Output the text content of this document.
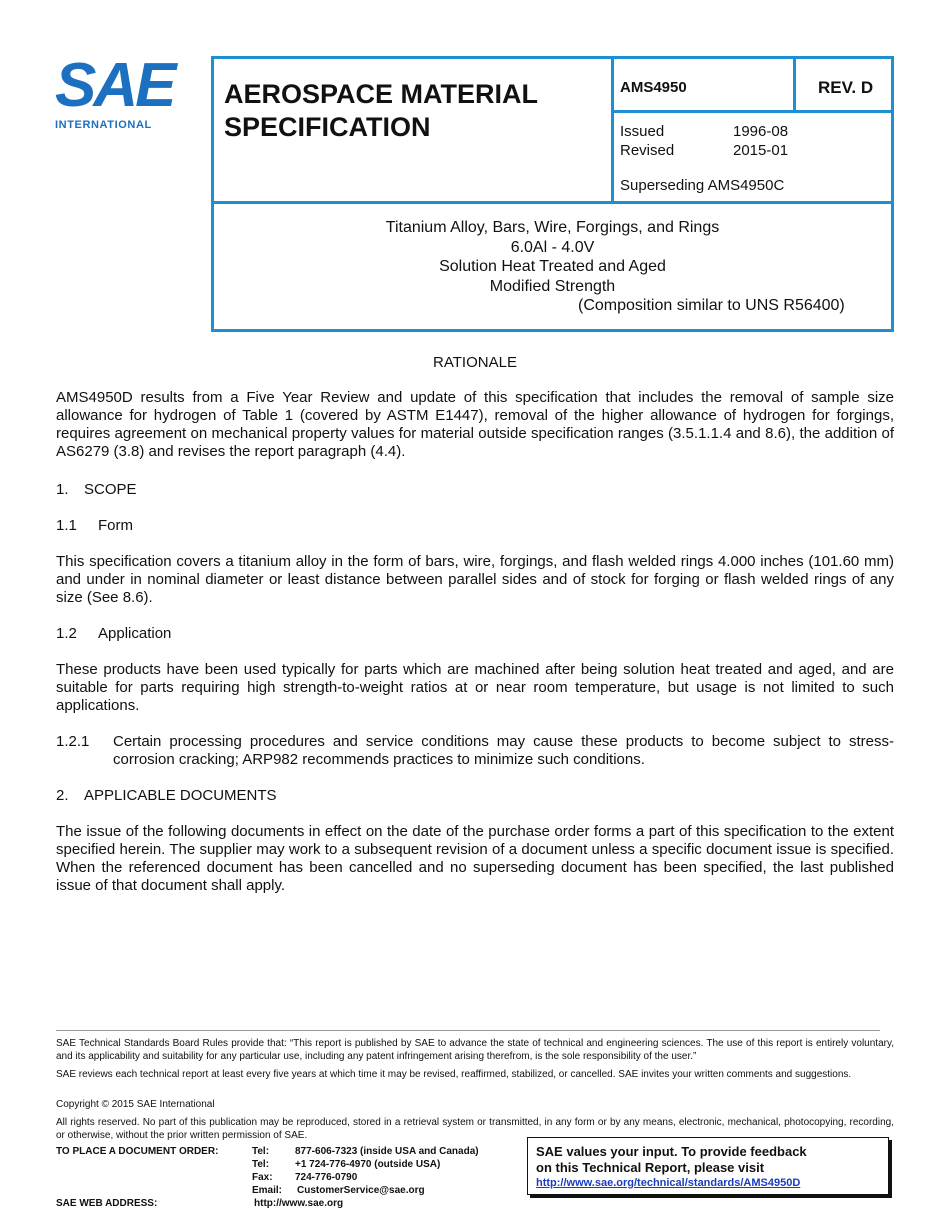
SAE
INTERNATIONAL
AEROSPACE MATERIAL
SPECIFICATION
AMS4950	REV. D
Issued	1996-08
Revised	2015-01
Superseding AMS4950C
Titanium Alloy, Bars, Wire, Forgings, and Rings
6.0Al - 4.0V
Solution Heat Treated and Aged
Modified Strength
(Composition similar to UNS R56400)
RATIONALE
AMS4950D results from a Five Year Review and update of this specification that includes the removal of sample size allowance for hydrogen of Table 1 (covered by ASTM E1447), removal of the higher allowance of hydrogen for forgings, requires agreement on mechanical property values for material outside specification ranges (3.5.1.1.4 and 8.6), the addition of AS6279 (3.8) and revises the report paragraph (4.4).
1. SCOPE
1.1 Form
This specification covers a titanium alloy in the form of bars, wire, forgings, and flash welded rings 4.000 inches (101.60 mm) and under in nominal diameter or least distance between parallel sides and of stock for forging or flash welded rings of any size (See 8.6).
1.2 Application
These products have been used typically for parts which are machined after being solution heat treated and aged, and are suitable for parts requiring high strength-to-weight ratios at or near room temperature, but usage is not limited to such applications.
1.2.1 Certain processing procedures and service conditions may cause these products to become subject to stress-corrosion cracking; ARP982 recommends practices to minimize such conditions.
2. APPLICABLE DOCUMENTS
The issue of the following documents in effect on the date of the purchase order forms a part of this specification to the extent specified herein. The supplier may work to a subsequent revision of a document unless a specific document issue is specified. When the referenced document has been cancelled and no superseding document has been specified, the last published issue of that document shall apply.
SAE Technical Standards Board Rules provide that: “This report is published by SAE to advance the state of technical and engineering sciences. The use of this report is entirely voluntary, and its applicability and suitability for any particular use, including any patent infringement arising therefrom, is the sole responsibility of the user.”
SAE reviews each technical report at least every five years at which time it may be revised, reaffirmed, stabilized, or cancelled. SAE invites your written comments and suggestions.
Copyright © 2015 SAE International
All rights reserved. No part of this publication may be reproduced, stored in a retrieval system or transmitted, in any form or by any means, electronic, mechanical, photocopying, recording, or otherwise, without the prior written permission of SAE.
TO PLACE A DOCUMENT ORDER:	Tel:	877-606-7323 (inside USA and Canada)
Tel:	+1 724-776-4970 (outside USA)
Fax: 724-776-0790
Email: CustomerService@sae.org
SAE WEB ADDRESS:	http://www.sae.org
SAE values your input. To provide feedback
on this Technical Report, please visit
http://www.sae.org/technical/standards/AMS4950D
